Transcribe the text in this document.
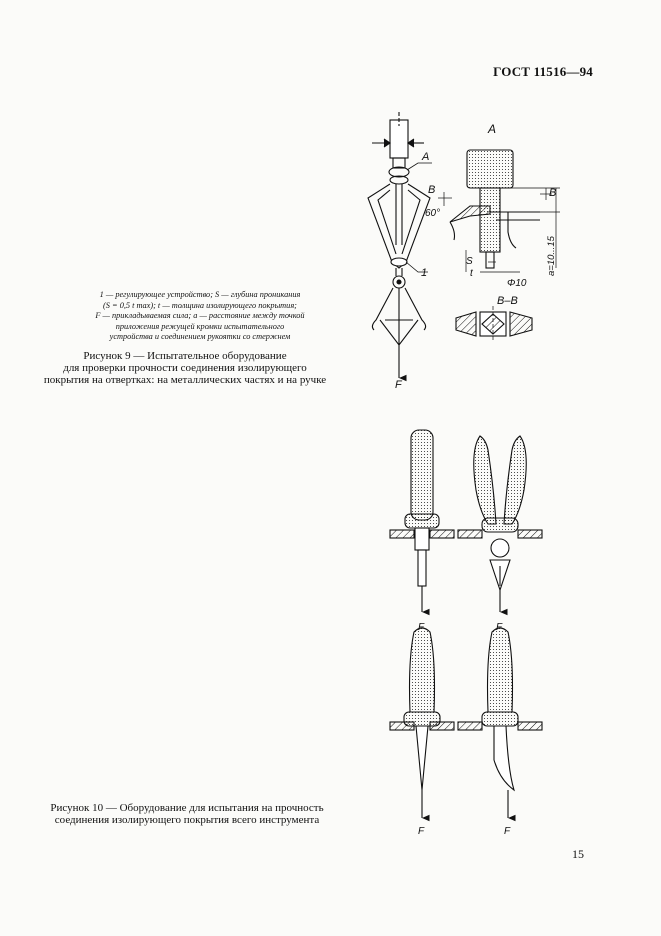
ГОСТ 11516—94
A
1
F
A
B	B
60°
S
t
Φ10
a=10...15
B–B
1 — регулирующее устройство; S — глубина проникания
(S = 0,5 t max); t — толщина изолирующего покрытия;
F — прикладываемая сила; a — расстояние между точкой
приложения режущей кромки испытательного
устройства и соединением рукоятки со стержнем
Рисунок 9 — Испытательное оборудование
для проверки прочности соединения изолирующего
покрытия на отвертках: на металлических частях и на ручке
F	F
F	F
Рисунок 10 — Оборудование для испытания на прочность
соединения изолирующего покрытия всего инструмента
15
